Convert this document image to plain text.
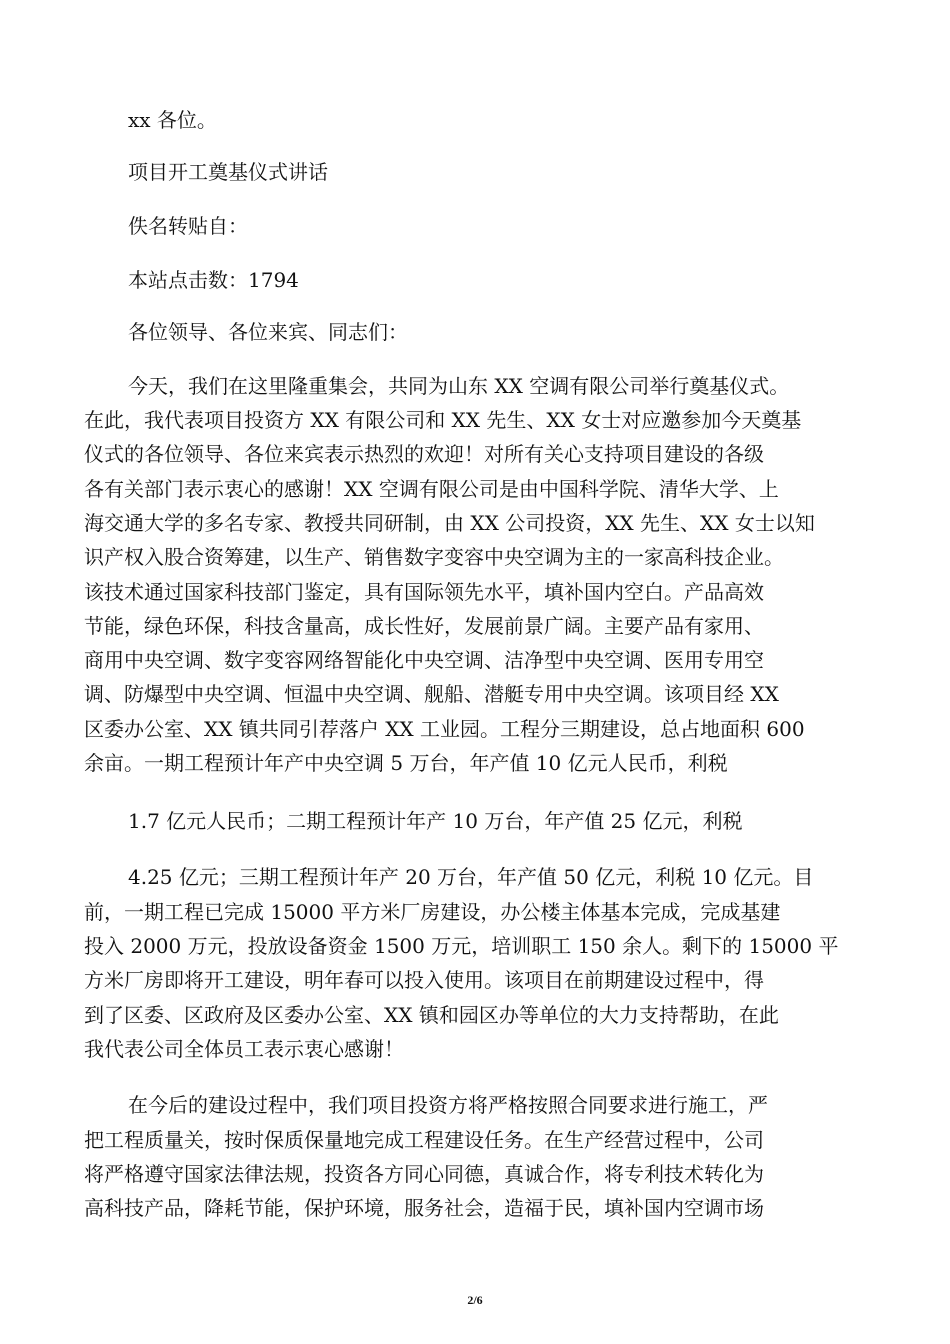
xx 各位。
项目开工奠基仪式讲话
佚名转贴自：
本站点击数：1794
各位领导、各位来宾、同志们：
今天，我们在这里隆重集会，共同为山东 XX 空调有限公司举行奠基仪式。
在此，我代表项目投资方 XX 有限公司和 XX 先生、XX 女士对应邀参加今天奠基
仪式的各位领导、各位来宾表示热烈的欢迎！对所有关心支持项目建设的各级
各有关部门表示衷心的感谢！XX 空调有限公司是由中国科学院、清华大学、上
海交通大学的多名专家、教授共同研制，由 XX 公司投资，XX 先生、XX 女士以知
识产权入股合资筹建，以生产、销售数字变容中央空调为主的一家高科技企业。
该技术通过国家科技部门鉴定，具有国际领先水平，填补国内空白。产品高效
节能，绿色环保，科技含量高，成长性好，发展前景广阔。主要产品有家用、
商用中央空调、数字变容网络智能化中央空调、洁净型中央空调、医用专用空
调、防爆型中央空调、恒温中央空调、舰船、潜艇专用中央空调。该项目经 XX
区委办公室、XX 镇共同引荐落户 XX 工业园。工程分三期建设，总占地面积 600
余亩。一期工程预计年产中央空调 5 万台，年产值 10 亿元人民币，利税
1.7 亿元人民币；二期工程预计年产 10 万台，年产值 25 亿元，利税
4.25 亿元；三期工程预计年产 20 万台，年产值 50 亿元，利税 10 亿元。目
前，一期工程已完成 15000 平方米厂房建设，办公楼主体基本完成，完成基建
投入 2000 万元，投放设备资金 1500 万元，培训职工 150 余人。剩下的 15000 平
方米厂房即将开工建设，明年春可以投入使用。该项目在前期建设过程中，得
到了区委、区政府及区委办公室、XX 镇和园区办等单位的大力支持帮助，在此
我代表公司全体员工表示衷心感谢！
在今后的建设过程中，我们项目投资方将严格按照合同要求进行施工，严
把工程质量关，按时保质保量地完成工程建设任务。在生产经营过程中，公司
将严格遵守国家法律法规，投资各方同心同德，真诚合作，将专利技术转化为
高科技产品，降耗节能，保护环境，服务社会，造福于民，填补国内空调市场
2/6
